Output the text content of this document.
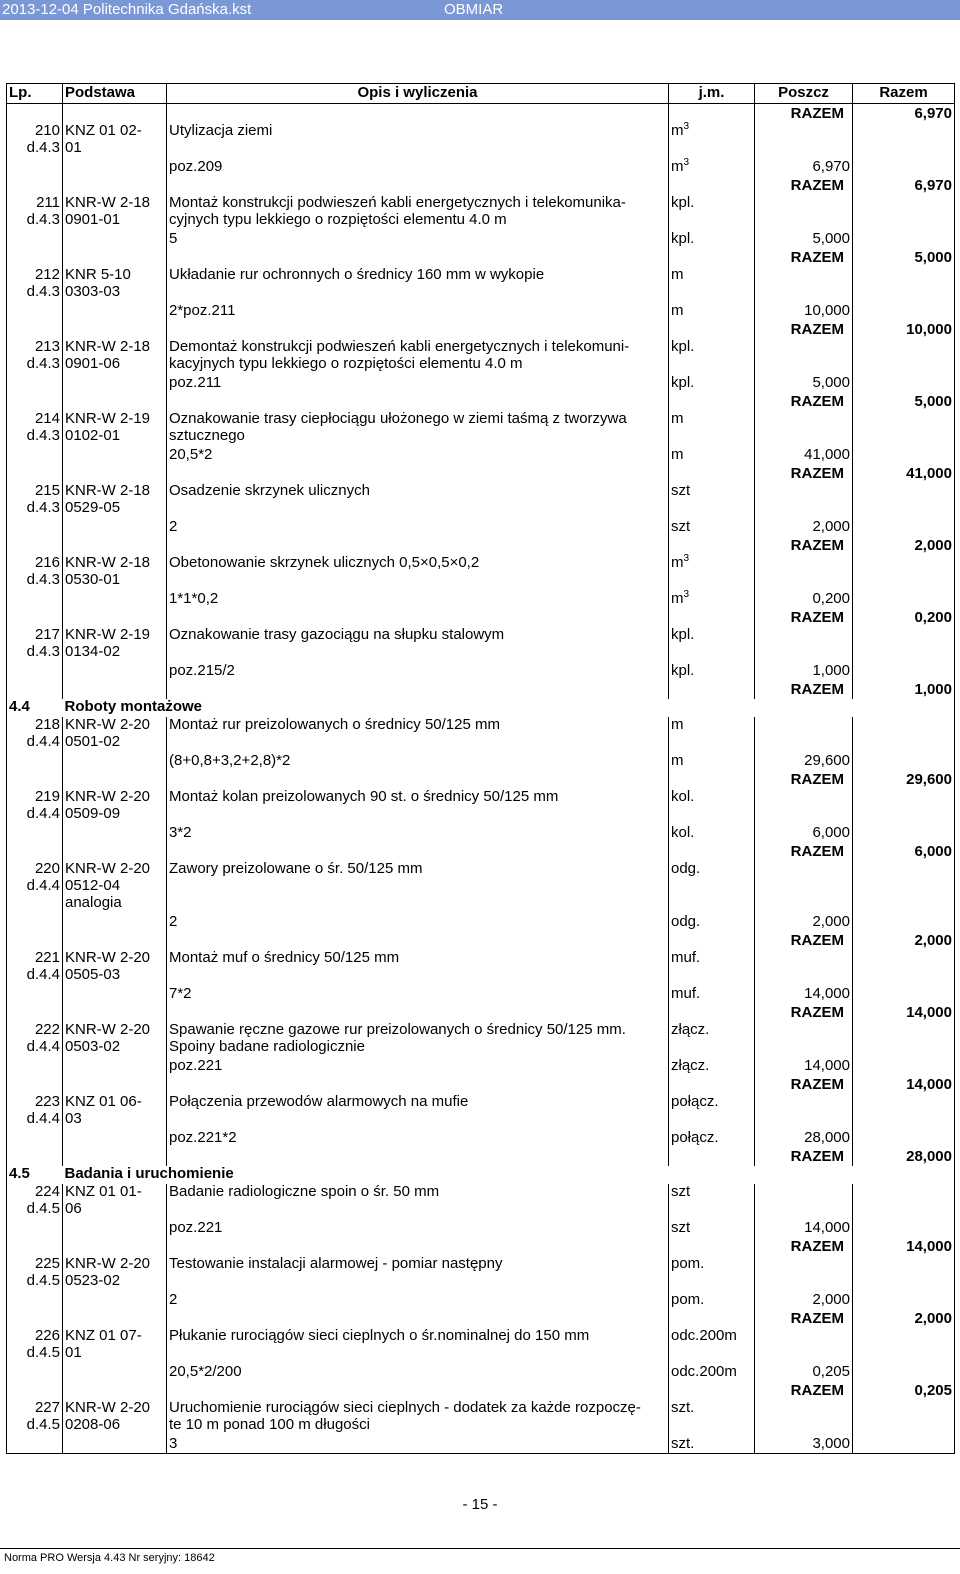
2013-12-04 Politechnika Gdańska.kst	OBMIAR
Lp.	Podstawa	Opis i wyliczenia	j.m.	Poszcz	Razem
				RAZEM	6,970
210	KNZ 01 02-	Utylizacja ziemi	$m^3$		
d.4.3	01				
		poz.209	$m^3$	6,970	
				RAZEM	6,970
211	KNR-W 2-18	Montaż konstrukcji podwieszeń kabli energetycznych i telekomunika-	kpl.		
d.4.3	0901-01	cyjnych typu lekkiego o rozpiętości elementu 4.0 m			
		5	kpl.	5,000	
				RAZEM	5,000
212	KNR 5-10	Układanie rur ochronnych o średnicy 160 mm w wykopie	m		
d.4.3	0303-03				
		2*poz.211	m	10,000	
				RAZEM	10,000
213	KNR-W 2-18	Demontaż konstrukcji podwieszeń kabli energetycznych i telekomuni-	kpl.		
d.4.3	0901-06	kacyjnych typu lekkiego o rozpiętości elementu 4.0 m			
		poz.211	kpl.	5,000	
				RAZEM	5,000
214	KNR-W 2-19	Oznakowanie trasy ciepłociągu ułożonego w ziemi taśmą z tworzywa	m		
d.4.3	0102-01	sztucznego			
		20,5*2	m	41,000	
				RAZEM	41,000
215	KNR-W 2-18	Osadzenie skrzynek ulicznych	szt		
d.4.3	0529-05				
		2	szt	2,000	
				RAZEM	2,000
216	KNR-W 2-18	Obetonowanie skrzynek ulicznych 0,5×0,5×0,2	$m^3$		
d.4.3	0530-01				
		1*1*0,2	$m^3$	0,200	
				RAZEM	0,200
217	KNR-W 2-19	Oznakowanie trasy gazociągu na słupku stalowym	kpl.		
d.4.3	0134-02				
		poz.215/2	kpl.	1,000	
				RAZEM	1,000
4.4	Roboty montażowe				
218	KNR-W 2-20	Montaż rur preizolowanych o średnicy 50/125 mm	m		
d.4.4	0501-02				
		(8+0,8+3,2+2,8)*2	m	29,600	
				RAZEM	29,600
219	KNR-W 2-20	Montaż kolan preizolowanych 90 st. o średnicy 50/125 mm	kol.		
d.4.4	0509-09				
		3*2	kol.	6,000	
				RAZEM	6,000
220	KNR-W 2-20	Zawory preizolowane o śr. 50/125 mm	odg.		
d.4.4	0512-04				
	analogia				
		2	odg.	2,000	
				RAZEM	2,000
221	KNR-W 2-20	Montaż muf o średnicy 50/125 mm	muf.		
d.4.4	0505-03				
		7*2	muf.	14,000	
				RAZEM	14,000
222	KNR-W 2-20	Spawanie ręczne gazowe rur preizolowanych o średnicy 50/125 mm.	złącz.		
d.4.4	0503-02	Spoiny badane radiologicznie			
		poz.221	złącz.	14,000	
				RAZEM	14,000
223	KNZ 01 06-	Połączenia przewodów alarmowych na mufie	połącz.		
d.4.4	03				
		poz.221*2	połącz.	28,000	
				RAZEM	28,000
4.5	Badania i uruchomienie				
224	KNZ 01 01-	Badanie radiologiczne spoin o śr. 50 mm	szt		
d.4.5	06				
		poz.221	szt	14,000	
				RAZEM	14,000
225	KNR-W 2-20	Testowanie instalacji alarmowej - pomiar następny	pom.		
d.4.5	0523-02				
		2	pom.	2,000	
				RAZEM	2,000
226	KNZ 01 07-	Płukanie rurociągów sieci cieplnych o śr.nominalnej do 150 mm	odc.200m		
d.4.5	01				
		20,5*2/200	odc.200m	0,205	
				RAZEM	0,205
227	KNR-W 2-20	Uruchomienie rurociągów sieci cieplnych - dodatek za każde rozpoczę-	szt.		
d.4.5	0208-06	te 10 m ponad 100 m długości			
		3	szt.	3,000	
- 15 -
Norma PRO Wersja 4.43 Nr seryjny: 18642
